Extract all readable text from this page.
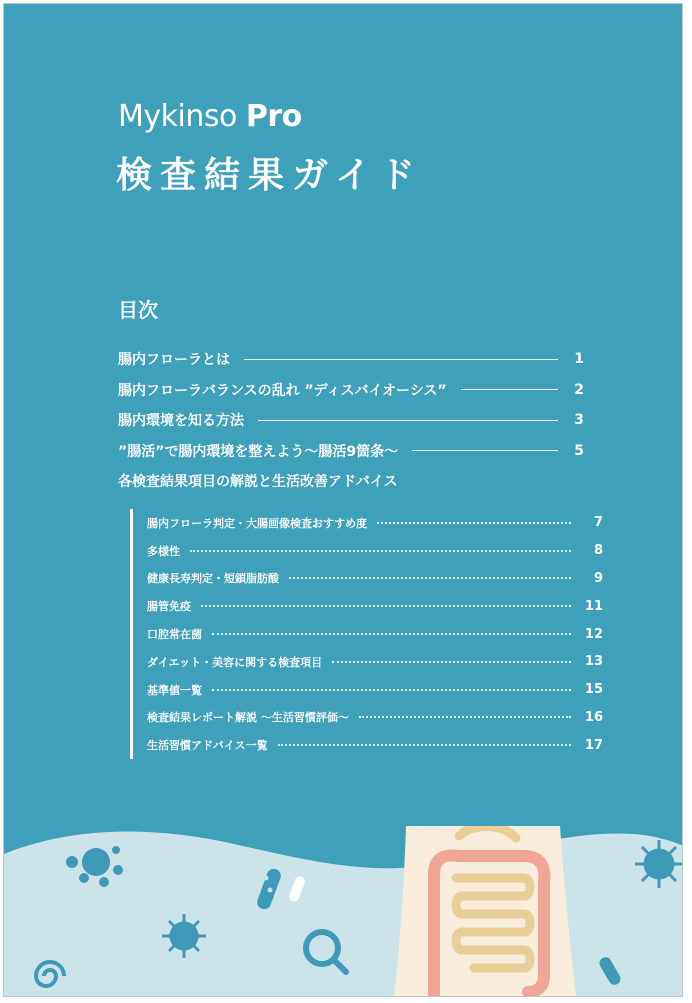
Mykinso Pro
検査結果ガイド
目次
腸内フローラとは	1
腸内フローラバランスの乱れ ”ディスバイオーシス”	2
腸内環境を知る方法	3
”腸活”で腸内環境を整えよう〜腸活9箇条〜	5
各検査結果項目の解説と生活改善アドバイス
腸内フローラ判定・大腸画像検査おすすめ度	7
多様性	8
健康長寿判定・短鎖脂肪酸	9
腸管免疫	11
口腔常在菌	12
ダイエット・美容に関する検査項目	13
基準値一覧	15
検査結果レポート解説 〜生活習慣評価〜	16
生活習慣アドバイス一覧	17
